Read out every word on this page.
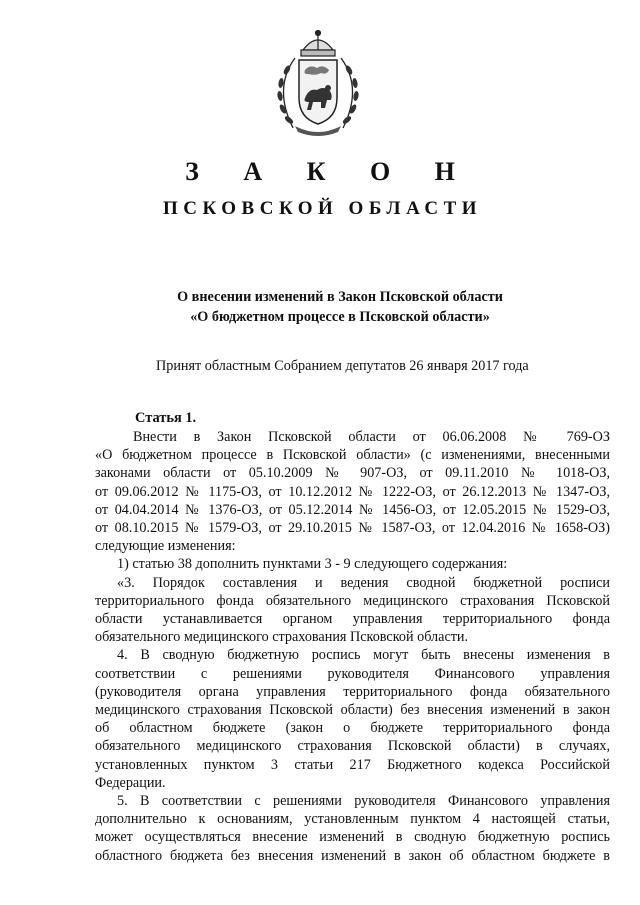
З А К О Н
ПСКОВСКОЙ ОБЛАСТИ
О внесении изменений в Закон Псковской области
«О бюджетном процессе в Псковской области»
Принят областным Собранием депутатов 26 января 2017 года
Статья 1.
Внести в Закон Псковской области от 06.06.2008 № 769-ОЗ
«О бюджетном процессе в Псковской области» (с изменениями, внесенными
законами области от 05.10.2009 № 907-ОЗ, от 09.11.2010 № 1018-ОЗ,
от 09.06.2012 № 1175-ОЗ, от 10.12.2012 № 1222-ОЗ, от 26.12.2013 № 1347-ОЗ,
от 04.04.2014 № 1376-ОЗ, от 05.12.2014 № 1456-ОЗ, от 12.05.2015 № 1529-ОЗ,
от 08.10.2015 № 1579-ОЗ, от 29.10.2015 № 1587-ОЗ, от 12.04.2016 № 1658-ОЗ)
следующие изменения:
1) статью 38 дополнить пунктами 3 - 9 следующего содержания:
«3. Порядок составления и ведения сводной бюджетной росписи
территориального фонда обязательного медицинского страхования Псковской
области устанавливается органом управления территориального фонда
обязательного медицинского страхования Псковской области.
4. В сводную бюджетную роспись могут быть внесены изменения в
соответствии с решениями руководителя Финансового управления
(руководителя органа управления территориального фонда обязательного
медицинского страхования Псковской области) без внесения изменений в закон
об областном бюджете (закон о бюджете территориального фонда
обязательного медицинского страхования Псковской области) в случаях,
установленных пунктом 3 статьи 217 Бюджетного кодекса Российской
Федерации.
5. В соответствии с решениями руководителя Финансового управления
дополнительно к основаниям, установленным пунктом 4 настоящей статьи,
может осуществляться внесение изменений в сводную бюджетную роспись
областного бюджета без внесения изменений в закон об областном бюджете в
